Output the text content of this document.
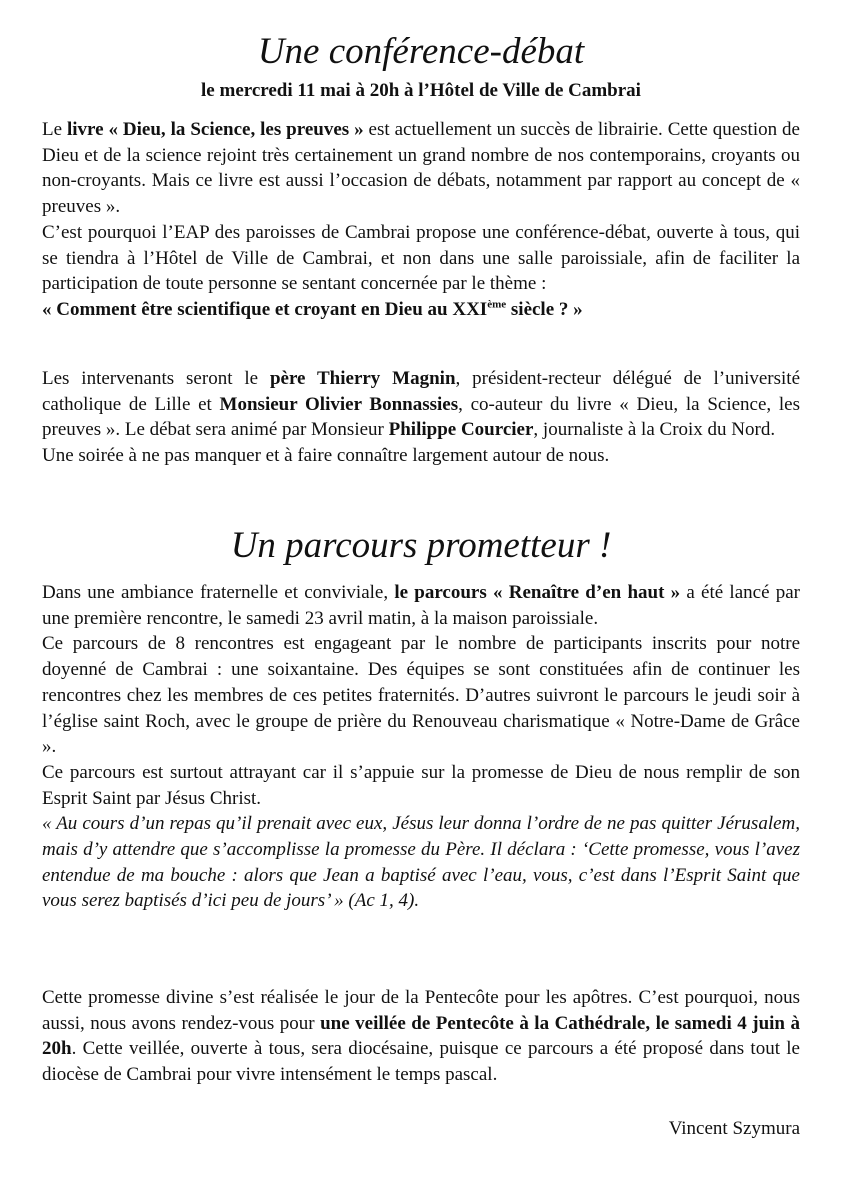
Une conférence-débat
le mercredi 11 mai à 20h à l’Hôtel de Ville de Cambrai
Le livre « Dieu, la Science, les preuves » est actuellement un succès de librairie. Cette question de Dieu et de la science rejoint très certainement un grand nombre de nos contemporains, croyants ou non-croyants. Mais ce livre est aussi l’occasion de débats, notamment par rapport au concept de « preuves ».
C’est pourquoi l’EAP des paroisses de Cambrai propose une conférence-débat, ouverte à tous, qui se tiendra à l’Hôtel de Ville de Cambrai, et non dans une salle paroissiale, afin de faciliter la participation de toute personne se sentant concernée par le thème :
« Comment être scientifique et croyant en Dieu au XXIème siècle ? »
Les intervenants seront le père Thierry Magnin, président-recteur délégué de l’université catholique de Lille et Monsieur Olivier Bonnassies, co-auteur du livre « Dieu, la Science, les preuves ». Le débat sera animé par Monsieur Philippe Courcier, journaliste à la Croix du Nord.
Une soirée à ne pas manquer et à faire connaître largement autour de nous.
Un parcours prometteur !
Dans une ambiance fraternelle et conviviale, le parcours « Renaître d’en haut » a été lancé par une première rencontre, le samedi 23 avril matin, à la maison paroissiale.
Ce parcours de 8 rencontres est engageant par le nombre de participants inscrits pour notre doyenné de Cambrai : une soixantaine. Des équipes se sont constituées afin de continuer les rencontres chez les membres de ces petites fraternités. D’autres suivront le parcours le jeudi soir à l’église saint Roch, avec le groupe de prière du Renouveau charismatique « Notre-Dame de Grâce ».
Ce parcours est surtout attrayant car il s’appuie sur la promesse de Dieu de nous remplir de son Esprit Saint par Jésus Christ.
« Au cours d’un repas qu’il prenait avec eux, Jésus leur donna l’ordre de ne pas quitter Jérusalem, mais d’y attendre que s’accomplisse la promesse du Père. Il déclara : ‘Cette promesse, vous l’avez entendue de ma bouche : alors que Jean a baptisé avec l’eau, vous, c’est dans l’Esprit Saint que vous serez baptisés d’ici peu de jours’ » (Ac 1, 4).
Cette promesse divine s’est réalisée le jour de la Pentecôte pour les apôtres. C’est pourquoi, nous aussi, nous avons rendez-vous pour une veillée de Pentecôte à la Cathédrale, le samedi 4 juin à 20h. Cette veillée, ouverte à tous, sera diocésaine, puisque ce parcours a été proposé dans tout le diocèse de Cambrai pour vivre intensément le temps pascal.
Vincent Szymura
